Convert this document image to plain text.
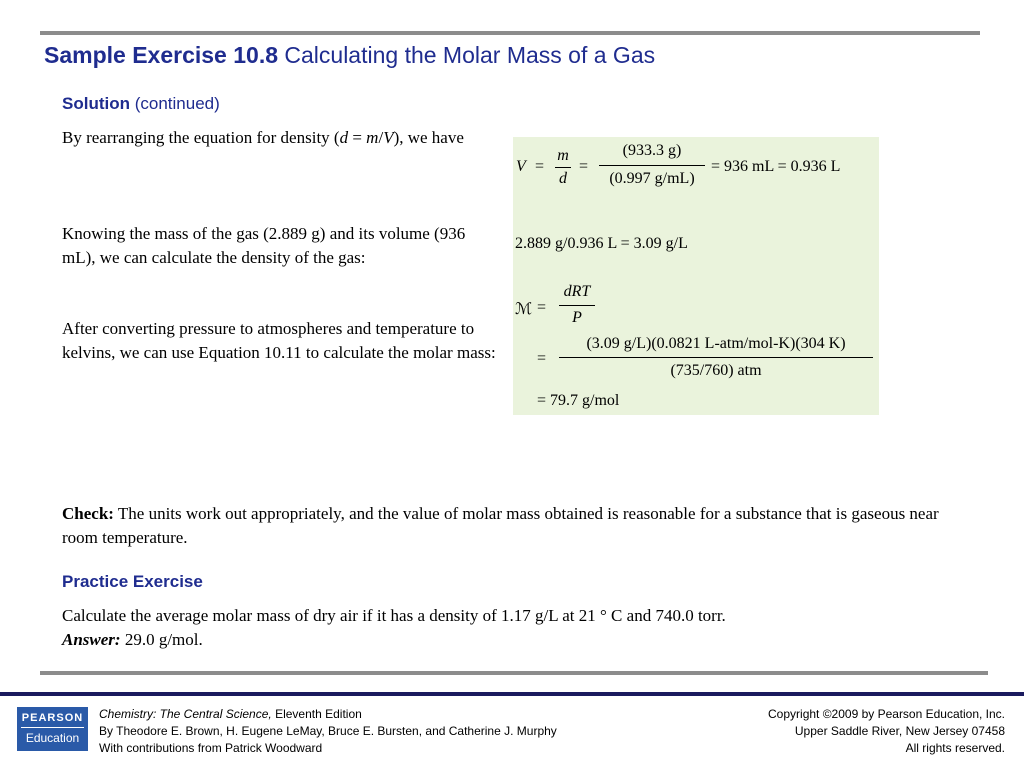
Sample Exercise 10.8 Calculating the Molar Mass of a Gas
Solution (continued)
By rearranging the equation for density (d = m/V), we have
Knowing the mass of the gas (2.889 g) and its volume (936 mL), we can calculate the density of the gas:
After converting pressure to atmospheres and temperature to kelvins, we can use Equation 10.11 to calculate the molar mass:
V =
m
d
=
(933.3 g)
(0.997 g/mL)
= 936 mL = 0.936 L
2.889 g/0.936 L = 3.09 g/L
ℳ =
dRT
P
=
(3.09 g/L)(0.0821 L-atm/mol-K)(304 K)
(735/760) atm
= 79.7 g/mol
Check: The units work out appropriately, and the value of molar mass obtained is reasonable for a substance that is gaseous near room temperature.
Practice Exercise
Calculate the average molar mass of dry air if it has a density of 1.17 g/L at 21 ° C and 740.0 torr.
Answer: 29.0 g/mol.
PEARSON
Education
Chemistry: The Central Science, Eleventh Edition
By Theodore E. Brown, H. Eugene LeMay, Bruce E. Bursten, and Catherine J. Murphy
With contributions from Patrick Woodward
Copyright ©2009 by Pearson Education, Inc.
Upper Saddle River, New Jersey 07458
All rights reserved.
